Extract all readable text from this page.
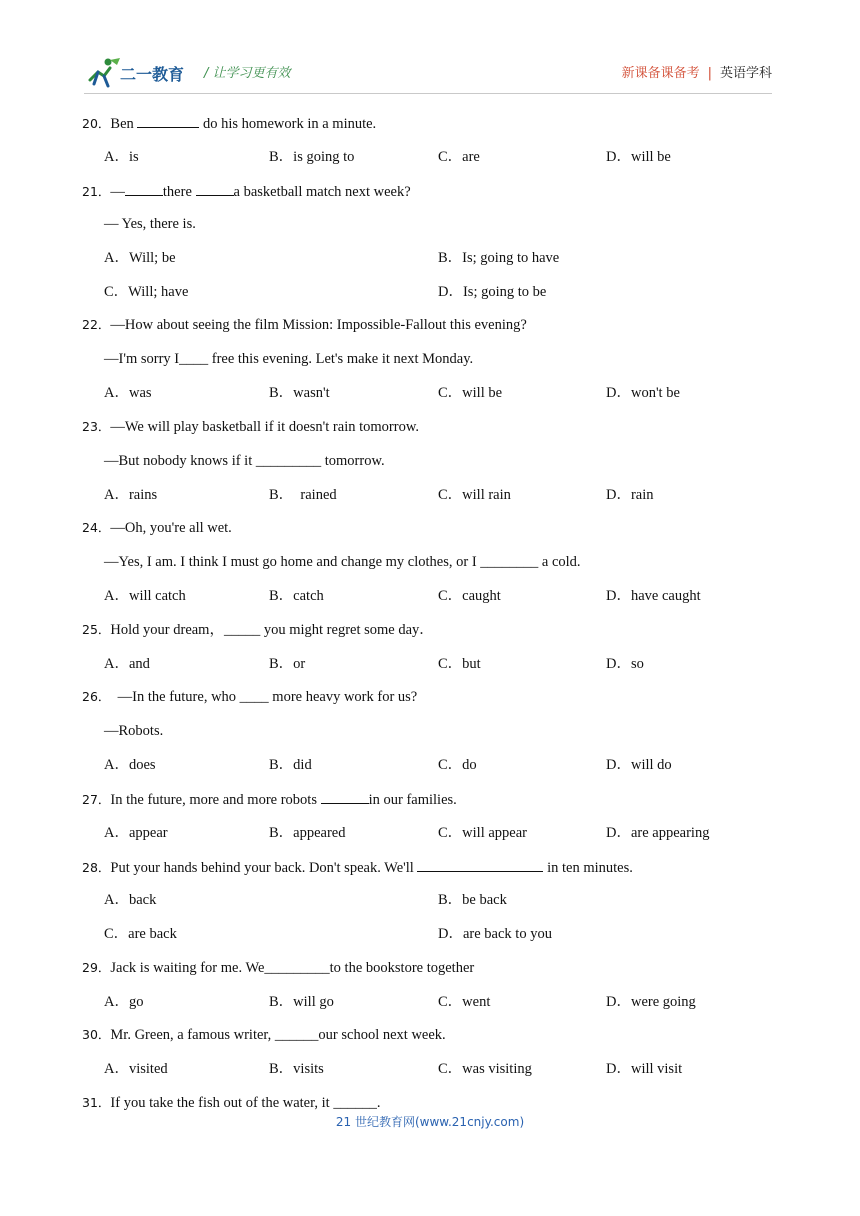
二一教育 / 让学习更有效	新课备课备考 | 英语学科
20．Ben	do his homework in a minute.
A．is	B．is going to	C．are	D．will be
21．—	there	a basketball match next week?
— Yes, there is.
A．Will; be	B．Is; going to have
C．Will; have	D．Is; going to be
22．—How about seeing the film Mission: Impossible-Fallout this evening?
—I'm sorry I____ free this evening. Let's make it next Monday.
A．was	B．wasn't	C．will be	D．won't be
23．—We will play basketball if it doesn't rain tomorrow.
—But nobody knows if it _________ tomorrow.
A．rains	B．  rained	C．will rain	D．rain
24．—Oh, you're all wet.
—Yes, I am. I think I must go home and change my clothes, or I ________ a cold.
A．will catch	B．catch	C．caught	D．have caught
25．Hold your dream，_____ you might regret some day．
A．and	B．or	C．but	D．so
26．  —In the future, who ____ more heavy work for us?
—Robots.
A．does	B．did	C．do	D．will do
27．In the future, more and more robots	in our families.
A．appear	B．appeared	C．will appear	D．are appearing
28．Put your hands behind your back. Don't speak. We'll	in ten minutes.
A．back	B．be back
C．are back	D．are back to you
29．Jack is waiting for me. We_________to the bookstore together
A．go	B．will go	C．went	D．were going
30．Mr. Green, a famous writer, ______our school next week.
A．visited	B．visits	C．was visiting	D．will visit
31．If you take the fish out of the water, it ______.
21 世纪教育网(www.21cnjy.com)
